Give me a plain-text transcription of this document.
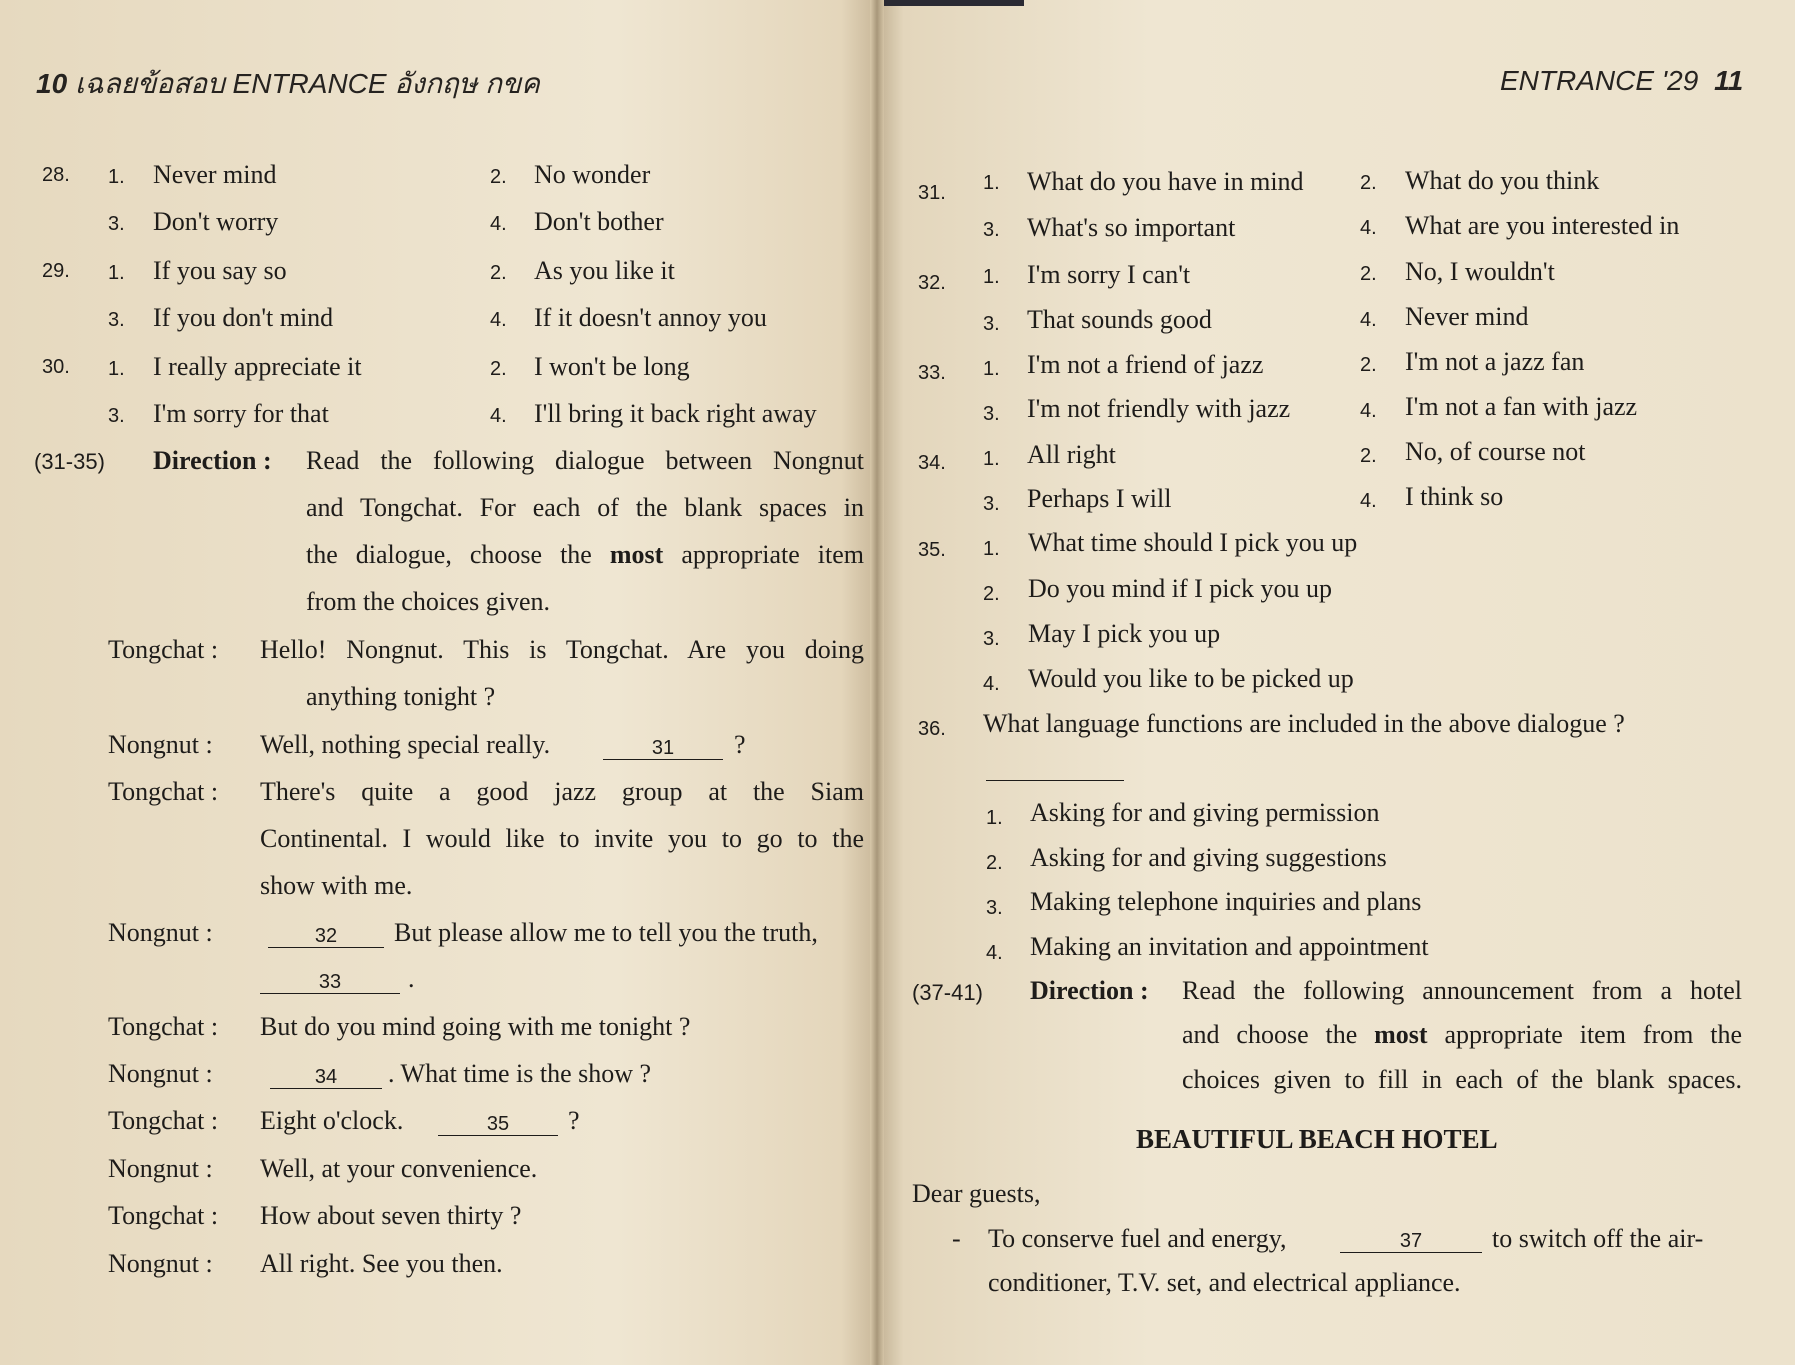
10 เฉลยข้อสอบ ENTRANCE อังกฤษ กขค
28. 1. Never mind	2. No wonder
3. Don't worry	4. Don't bother
29. 1. If you say so	2. As you like it
3. If you don't mind	4. If it doesn't annoy you
30. 1. I really appreciate it	2. I won't be long
3. I'm sorry for that	4. I'll bring it back right away
(31-35) Direction : Read the following dialogue between Nongnut
and Tongchat. For each of the blank spaces in
the dialogue, choose the most appropriate item
from the choices given.
Tongchat : Hello! Nongnut. This is Tongchat. Are you doing
anything tonight ?
Nongnut : Well, nothing special really.	31	?
Tongchat : There's quite a good jazz group at the Siam
Continental. I would like to invite you to go to the
show with me.
Nongnut :	32	But please allow me to tell you the truth,
33	.
Tongchat : But do you mind going with me tonight ?
Nongnut :	34	. What time is the show ?
Tongchat : Eight o'clock.	35	?
Nongnut : Well, at your convenience.
Tongchat : How about seven thirty ?
Nongnut : All right. See you then.
ENTRANCE '29 11
31. 1. What do you have in mind	2. What do you think
3. What's so important	4. What are you interested in
32. 1. I'm sorry I can't	2. No, I wouldn't
3. That sounds good	4. Never mind
33. 1. I'm not a friend of jazz	2. I'm not a jazz fan
3. I'm not friendly with jazz	4. I'm not a fan with jazz
34. 1. All right	2. No, of course not
3. Perhaps I will	4. I think so
35. 1. What time should I pick you up
2. Do you mind if I pick you up
3. May I pick you up
4. Would you like to be picked up
36. What language functions are included in the above dialogue ?
1. Asking for and giving permission
2. Asking for and giving suggestions
3. Making telephone inquiries and plans
4. Making an invitation and appointment
(37-41) Direction : Read the following announcement from a hotel
and choose the most appropriate item from the
choices given to fill in each of the blank spaces.
BEAUTIFUL BEACH HOTEL
Dear guests,
- To conserve fuel and energy,	37	to switch off the air-
conditioner, T.V. set, and electrical appliance.
